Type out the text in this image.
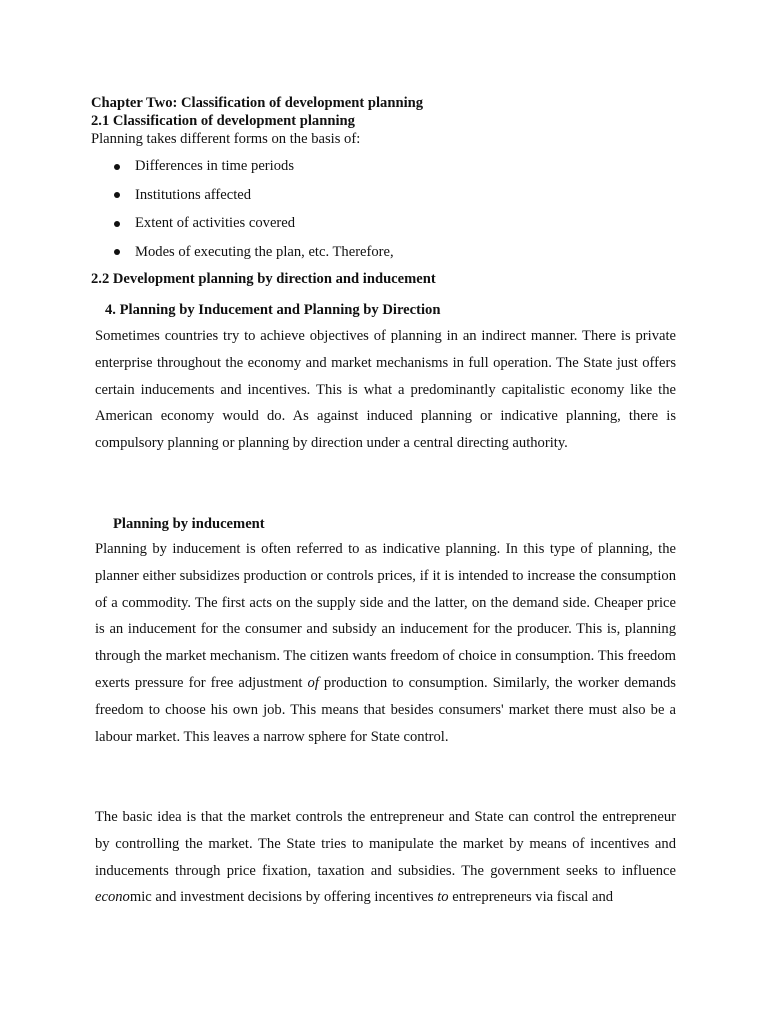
Chapter Two: Classification of development planning
2.1 Classification of development planning
Planning takes different forms on the basis of:
Differences in time periods
Institutions affected
Extent of activities covered
Modes of executing the plan, etc. Therefore,
2.2 Development planning by direction and inducement
4. Planning by Inducement and Planning by Direction

Sometimes countries try to achieve objectives of planning in an indirect manner. There is private enterprise throughout the economy and market mechanisms in full operation. The State just offers certain inducements and incentives. This is what a predominantly capitalistic economy like the American economy would do. As against induced planning or indicative planning, there is compulsory planning or planning by direction under a central directing authority.

Planning by inducement

Planning by inducement is often referred to as indicative planning. In this type of planning, the planner either subsidizes production or controls prices, if it is intended to increase the consumption of a commodity. The first acts on the supply side and the latter, on the demand side. Cheaper price is an inducement for the consumer and subsidy an inducement for the producer. This is, planning through the market mechanism. The citizen wants freedom of choice in consumption. This freedom exerts pressure for free adjustment of production to consumption. Similarly, the worker demands freedom to choose his own job. This means that besides consumers' market there must also be a labour market. This leaves a narrow sphere for State control.

The basic idea is that the market controls the entrepreneur and State can control the entrepreneur by controlling the market. The State tries to manipulate the market by means of incentives and inducements through price fixation, taxation and subsidies. The government seeks to influence economic and investment decisions by offering incentives to entrepreneurs via fiscal and
